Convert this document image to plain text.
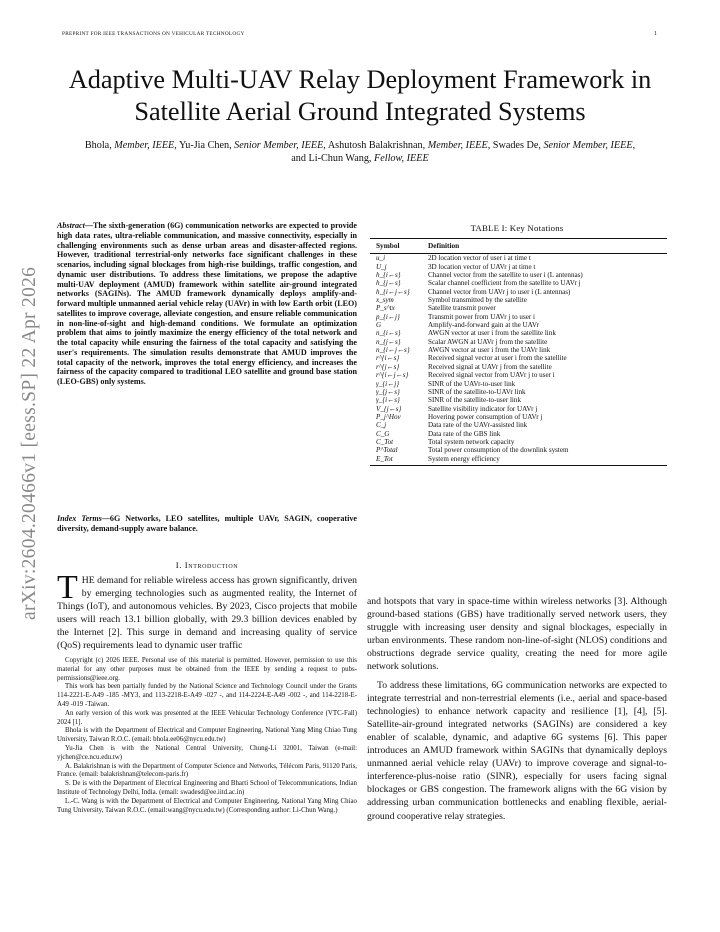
PREPRINT FOR IEEE TRANSACTIONS ON VEHICULAR TECHNOLOGY	1
Adaptive Multi-UAV Relay Deployment Framework in Satellite Aerial Ground Integrated Systems
Bhola, Member, IEEE, Yu-Jia Chen, Senior Member, IEEE, Ashutosh Balakrishnan, Member, IEEE, Swades De, Senior Member, IEEE, and Li-Chun Wang, Fellow, IEEE
arXiv:2604.20466v1 [eess.SP] 22 Apr 2026
Abstract—The sixth-generation (6G) communication networks are expected to provide high data rates, ultra-reliable communication, and massive connectivity, especially in challenging environments such as dense urban areas and disaster-affected regions. However, traditional terrestrial-only networks face significant challenges in these scenarios, including signal blockages from high-rise buildings, traffic congestion, and dynamic user distributions. To address these limitations, we propose the adaptive multi-UAV deployment (AMUD) framework within satellite air-ground integrated networks (SAGINs). The AMUD framework dynamically deploys amplify-and-forward multiple unmanned aerial vehicle relay (UAVr) in with low Earth orbit (LEO) satellites to improve coverage, alleviate congestion, and ensure reliable communication in non-line-of-sight and high-demand conditions. We formulate an optimization problem that aims to jointly maximize the energy efficiency of the total network and the total capacity while ensuring the fairness of the total capacity and satisfying the user's requirements. The simulation results demonstrate that AMUD improves the total capacity of the network, improves the total energy efficiency, and increases the fairness of the capacity compared to traditional LEO satellite and ground base station (LEO-GBS) only systems.
Index Terms—6G Networks, LEO satellites, multiple UAVr, SAGIN, cooperative diversity, demand-supply aware balance.
I. Introduction
THE demand for reliable wireless access has grown significantly, driven by emerging technologies such as augmented reality, the Internet of Things (IoT), and autonomous vehicles. By 2023, Cisco projects that mobile users will reach 13.1 billion globally, with 29.3 billion devices enabled by the Internet [2]. This surge in demand and increasing quality of service (QoS) requirements lead to dynamic user traffic

Copyright (c) 2026 IEEE. Personal use of this material is permitted. However, permission to use this material for any other purposes must be obtained from the IEEE by sending a request to pubs-permissions@ieee.org.

This work has been partially funded by the National Science and Technology Council under the Grants 114-2221-E-A49 -185 -MY3, and 113-2218-E-A49 -027 -, and 114-2224-E-A49 -002 -, and 114-2218-E-A49 -019 -Taiwan.

An early version of this work was presented at the IEEE Vehicular Technology Conference (VTC-Fall) 2024 [1].

Bhola is with the Department of Electrical and Computer Engineering, National Yang Ming Chiao Tung University, Taiwan R.O.C. (email: bhola.ee06@nycu.edu.tw)

Yu-Jia Chen is with the National Central University, Chung-Li 32001, Taiwan (e-mail: yjchen@ce.ncu.edu.tw)

A. Balakrishnan is with the Department of Computer Science and Networks, Télécom Paris, 91120 Paris, France. (email: balakrishnan@telecom-paris.fr)

S. De is with the Department of Electrical Engineering and Bharti School of Telecommunications, Indian Institute of Technology Delhi, India. (email: swadesd@ee.iitd.ac.in)

L.-C. Wang is with the Department of Electrical and Computer Engineering, National Yang Ming Chiao Tung University, Taiwan R.O.C. (email:wang@nycu.edu.tw) (Corresponding author: Li-Chun Wang.)

TABLE I: Key Notations
Symbol	Definition
u_i	2D location vector of user i at time t
U_j	3D location vector of UAVr j at time t
h_{i←s}	Channel vector from the satellite to user i (L antennas)
h_{j←s}	Scalar channel coefficient from the satellite to UAVr j
h_{i←j←s}	Channel vector from UAVr j to user i (L antennas)
x_sym	Symbol transmitted by the satellite
P_s^tx	Satellite transmit power
p_{i←j}	Transmit power from UAVr j to user i
G	Amplify-and-forward gain at the UAVr
n_{i←s}	AWGN vector at user i from the satellite link
n_{j←s}	Scalar AWGN at UAVr j from the satellite
n_{i←j←s}	AWGN vector at user i from the UAVr link
r^{i←s}	Received signal vector at user i from the satellite
r^{j←s}	Received signal at UAVr j from the satellite
r^{i←j←s}	Received signal vector from UAVr j to user i
γ_{i←j}	SINR of the UAVr-to-user link
γ_{j←s}	SINR of the satellite-to-UAVr link
γ_{i←s}	SINR of the satellite-to-user link
V_{j←s}	Satellite visibility indicator for UAVr j
P_j^Hov	Hovering power consumption of UAVr j
C_j	Data rate of the UAVr-assisted link
C_G	Data rate of the GBS link
C_Tot	Total system network capacity
P^Total	Total power consumption of the downlink system
E_Tot	System energy efficiency

and hotspots that vary in space-time within wireless networks [3]. Although ground-based stations (GBS) have traditionally served network users, they struggle with increasing user density and signal blockages, especially in urban environments. These random non-line-of-sight (NLOS) conditions and obstructions degrade service quality, creating the need for more agile network solutions.

To address these limitations, 6G communication networks are expected to integrate terrestrial and non-terrestrial elements (i.e., aerial and space-based technologies) to enhance network capacity and resilience [1], [4], [5]. Satellite-air-ground integrated networks (SAGINs) are considered a key enabler of scalable, dynamic, and adaptive 6G systems [6]. This paper introduces an AMUD framework within SAGINs that dynamically deploys unmanned aerial vehicle relay (UAVr) to improve coverage and signal-to-interference-plus-noise ratio (SINR), especially for users facing signal blockages or GBS congestion. The framework aligns with the 6G vision by addressing urban communication bottlenecks and enabling flexible, aerial-ground cooperative relay strategies.
